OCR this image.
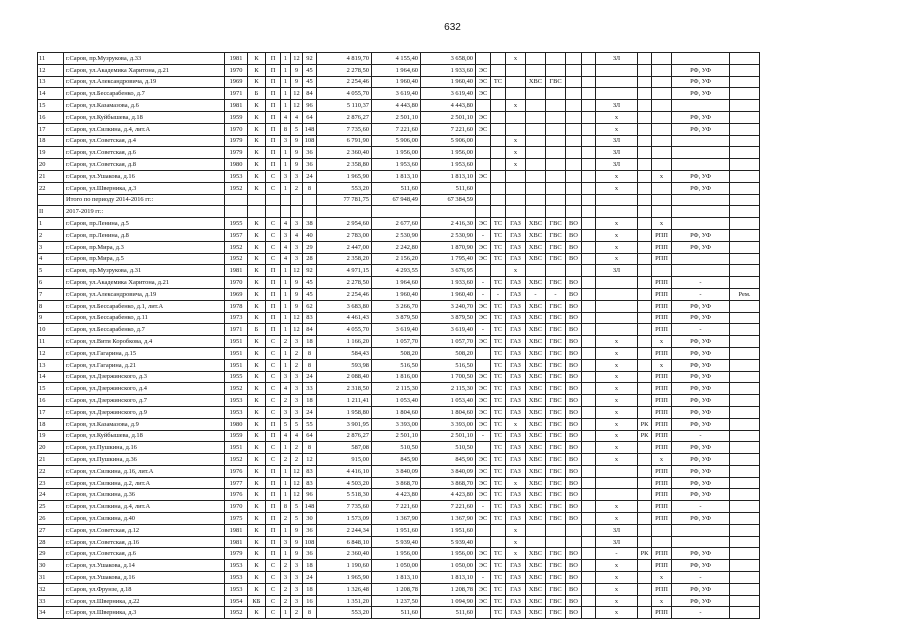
632
11	г.Саров, пр.Музрукова, д.33	1981	К	П	1	12	92	4 819,70	4 155,40	3 658,00			х					ЗЛ				
12	г.Саров, ул.Академика Харитона, д.21	1970	К	П	1	9	45	2 278,50	1 964,60	1 933,60	ЭС										РФ, УФ	
13	г.Саров, ул.Александровича, д.19	1969	К	П	1	9	45	2 254,46	1 960,40	1 960,40	ЭС	ТС		ХВС	ГВС						РФ, УФ	
14	г.Саров, ул.Бессарабенко, д.7	1971	Б	П	1	12	84	4 055,70	3 619,40	3 619,40	ЭС										РФ, УФ	
15	г.Саров, ул.Казамазова, д.6	1981	К	П	1	12	96	5 110,37	4 443,80	4 443,80			х					ЗЛ				
16	г.Саров, ул.Куйбышева, д.18	1959	К	П	4	4	64	2 876,27	2 501,10	2 501,10	ЭС							х			РФ, УФ	
17	г.Саров, ул.Силкина, д.4, лит.А	1970	К	П	8	5	148	7 735,60	7 221,60	7 221,60	ЭС							х			РФ, УФ	
18	г.Саров, ул.Советская, д.4	1979	К	П	3	9	108	6 791,90	5 906,00	5 906,00			х					ЗЛ				
19	г.Саров, ул.Советская, д.6	1979	К	П	1	9	36	2 360,40	1 956,00	1 956,00			х					ЗЛ				
20	г.Саров, ул.Советская, д.8	1980	К	П	1	9	36	2 358,80	1 953,60	1 953,60			х					ЗЛ				
21	г.Саров, ул.Ушакова, д.16	1953	К	С	3	3	24	1 965,90	1 813,10	1 813,10	ЭС							х		х	РФ, УФ	
22	г.Саров, ул.Шверника, д.3	1952	К	С	1	2	8	553,20	511,60	511,60								х			РФ, УФ	
	Итого по периоду 2014-2016 гг.:							77 781,75	67 948,49	67 384,59												
II	2017-2019 гг.:																					
1	г.Саров, пр.Ленина, д.5	1955	К	С	4	3	38	2 954,60	2 677,60	2 416,30	ЭС	ТС	ГАЗ	ХВС	ГВС	ВО		х		х		
2	г.Саров, пр.Ленина, д.8	1957	К	С	3	4	40	2 783,00	2 530,90	2 530,90	-	ТС	ГАЗ	ХВС	ГВС	ВО		х		РПП	РФ, УФ	
3	г.Саров, пр.Мира, д.3	1952	К	С	4	3	29	2 447,00	2 242,80	1 870,90	ЭС	ТС	ГАЗ	ХВС	ГВС	ВО		х		РПП	РФ, УФ	
4	г.Саров, пр.Мира, д.5	1952	К	С	4	3	28	2 358,20	2 156,20	1 795,40	ЭС	ТС	ГАЗ	ХВС	ГВС	ВО		х		РПП		
5	г.Саров, пр.Музрукова, д.31	1981	К	П	1	12	92	4 971,15	4 293,55	3 676,95			х					ЗЛ				
6	г.Саров, ул.Академика Харитона, д.21	1970	К	П	1	9	45	2 278,50	1 964,60	1 933,60	-	ТС	ГАЗ	ХВС	ГВС	ВО				РПП	-	
7	г.Саров, ул.Александровича, д.19	1969	К	П	1	9	45	2 254,46	1 960,40	1 960,40	-	-	ГАЗ	-	-	ВО				РПП	-	Рем.
8	г.Саров, ул.Бессарабенко, д.1, лит.А	1978	К	П	1	9	62	3 683,80	3 266,70	3 240,70	ЭС	ТС	ГАЗ	ХВС	ГВС	ВО				РПП	РФ, УФ	
9	г.Саров, ул.Бессарабенко, д.11	1973	К	П	1	12	83	4 461,43	3 879,50	3 879,50	ЭС	ТС	ГАЗ	ХВС	ГВС	ВО				РПП	РФ, УФ	
10	г.Саров, ул.Бессарабенко, д.7	1971	Б	П	1	12	84	4 055,70	3 619,40	3 619,40	-	ТС	ГАЗ	ХВС	ГВС	ВО				РПП	-	
11	г.Саров, ул.Вити Коробкова, д.4	1951	К	С	2	3	18	1 166,20	1 057,70	1 057,70	ЭС	ТС	ГАЗ	ХВС	ГВС	ВО		х		х	РФ, УФ	
12	г.Саров, ул.Гагарина, д.15	1951	К	С	1	2	8	584,43	508,20	508,20		ТС	ГАЗ	ХВС	ГВС	ВО		х		РПП	РФ, УФ	
13	г.Саров, ул.Гагарина, д.21	1951	К	С	1	2	8	593,98	516,50	516,50		ТС	ГАЗ	ХВС	ГВС	ВО		х		х	РФ, УФ	
14	г.Саров, ул.Дзержинского, д.3	1955	К	С	3	3	24	2 088,40	1 816,00	1 700,50	ЭС	ТС	ГАЗ	ХВС	ГВС	ВО		х		РПП	РФ, УФ	
15	г.Саров, ул.Дзержинского, д.4	1952	К	С	4	3	33	2 318,50	2 115,30	2 115,30	ЭС	ТС	ГАЗ	ХВС	ГВС	ВО		х		РПП	РФ, УФ	
16	г.Саров, ул.Дзержинского, д.7	1953	К	С	2	3	18	1 211,41	1 053,40	1 053,40	ЭС	ТС	ГАЗ	ХВС	ГВС	ВО		х		РПП	РФ, УФ	
17	г.Саров, ул.Дзержинского, д.9	1953	К	С	3	3	24	1 958,80	1 804,60	1 804,60	ЭС	ТС	ГАЗ	ХВС	ГВС	ВО		х		РПП	РФ, УФ	
18	г.Саров, ул.Казамазова, д.9	1980	К	П	5	5	55	3 901,95	3 393,00	3 393,00	ЭС	ТС	х	ХВС	ГВС	ВО		х	РК	РПП	РФ, УФ	
19	г.Саров, ул.Куйбышева, д.18	1959	К	П	4	4	64	2 876,27	2 501,10	2 501,10	-	ТС	ГАЗ	ХВС	ГВС	ВО		х	РК	РПП	-	
20	г.Саров, ул.Пушкина, д.16	1951	К	С	1	2	8	587,08	510,50	510,50		ТС	ГАЗ	ХВС	ГВС	ВО		х		РПП	РФ, УФ	
21	г.Саров, ул.Пушкина, д.36	1952	К	С	2	2	12	915,00	845,90	845,90	ЭС	ТС	ГАЗ	ХВС	ГВС	ВО		х		х	РФ, УФ	
22	г.Саров, ул.Силкина, д.16, лит.А	1976	К	П	1	12	83	4 416,10	3 840,09	3 840,09	ЭС	ТС	ГАЗ	ХВС	ГВС	ВО				РПП	РФ, УФ	
23	г.Саров, ул.Силкина, д.2, лит.А	1977	К	П	1	12	83	4 503,20	3 868,70	3 868,70	ЭС	ТС	х	ХВС	ГВС	ВО				РПП	РФ, УФ	
24	г.Саров, ул.Силкина, д.36	1976	К	П	1	12	96	5 518,30	4 423,80	4 423,80	ЭС	ТС	ГАЗ	ХВС	ГВС	ВО				РПП	РФ, УФ	
25	г.Саров, ул.Силкина, д.4, лит.А	1970	К	П	8	5	148	7 735,60	7 221,60	7 221,60	-	ТС	ГАЗ	ХВС	ГВС	ВО		х		РПП	-	
26	г.Саров, ул.Силкина, д.40	1975	К	П	2	5	30	1 573,09	1 367,90	1 367,90	ЭС	ТС	ГАЗ	ХВС	ГВС	ВО		х		РПП	РФ, УФ	
27	г.Саров, ул.Советская, д.12	1981	К	П	1	9	36	2 244,34	1 951,60	1 951,60			х					ЗЛ				
28	г.Саров, ул.Советская, д.16	1981	К	П	3	9	108	6 848,10	5 939,40	5 939,40			х					ЗЛ				
29	г.Саров, ул.Советская, д.6	1979	К	П	1	9	36	2 360,40	1 956,00	1 956,00	ЭС	ТС	х	ХВС	ГВС	ВО		-	РК	РПП	РФ, УФ	
30	г.Саров, ул.Ушакова, д.14	1953	К	С	2	3	18	1 190,60	1 050,00	1 050,00	ЭС	ТС	ГАЗ	ХВС	ГВС	ВО		х		РПП	РФ, УФ	
31	г.Саров, ул.Ушакова, д.16	1953	К	С	3	3	24	1 965,90	1 813,10	1 813,10	-	ТС	ГАЗ	ХВС	ГВС	ВО		х		х	-	
32	г.Саров, ул.Фрунзе, д.18	1953	К	С	2	3	18	1 326,48	1 208,78	1 208,78	ЭС	ТС	ГАЗ	ХВС	ГВС	ВО		х		РПП	РФ, УФ	
33	г.Саров, ул.Шверника, д.22	1954	КБ	С	2	3	16	1 351,20	1 237,50	1 094,90	ЭС	ТС	ГАЗ	ХВС	ГВС	ВО		х		х	РФ, УФ	
34	г.Саров, ул.Шверника, д.3	1952	К	С	1	2	8	553,20	511,60	511,60		ТС	ГАЗ	ХВС	ГВС	ВО		х		РПП	-	
